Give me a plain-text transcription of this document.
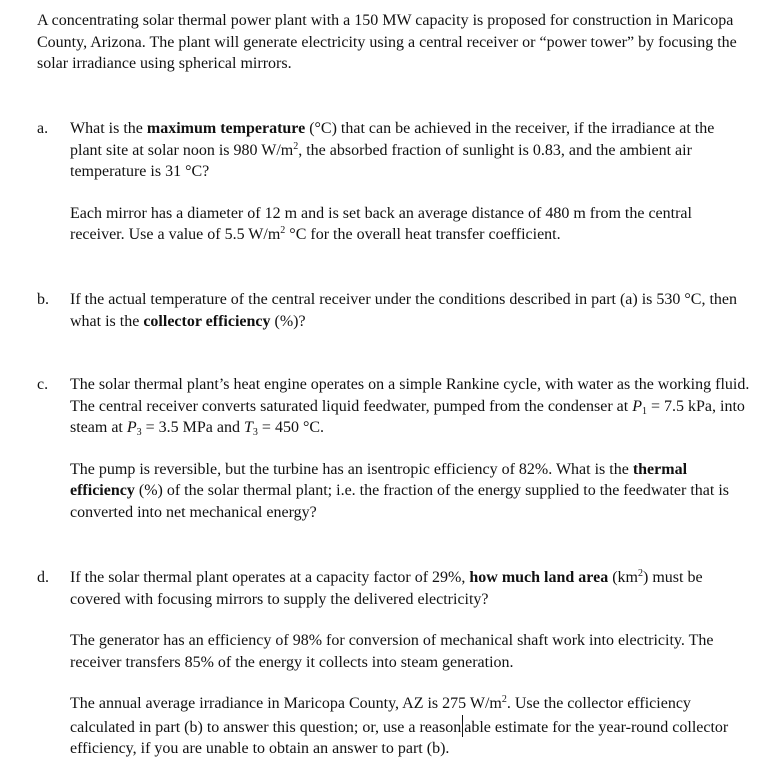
A concentrating solar thermal power plant with a 150 MW capacity is proposed for construction in Maricopa County, Arizona. The plant will generate electricity using a central receiver or “power tower” by focusing the solar irradiance using spherical mirrors.

a.	What is the maximum temperature (°C) that can be achieved in the receiver, if the irradiance at the plant site at solar noon is 980 $W/m^2$, the absorbed fraction of sunlight is 0.83, and the ambient air temperature is 31 °C?

Each mirror has a diameter of 12 m and is set back an average distance of 480 m from the central receiver. Use a value of 5.5 $W/m^2$ °C for the overall heat transfer coefficient.

b.	If the actual temperature of the central receiver under the conditions described in part (a) is 530 °C, then what is the collector efficiency (%)?

c.	The solar thermal plant’s heat engine operates on a simple Rankine cycle, with water as the working fluid. The central receiver converts saturated liquid feedwater, pumped from the condenser at $P_1 = 7.5$ kPa, into steam at $P_3 = 3.5$ MPa and $T_3 = 450$ °C.

The pump is reversible, but the turbine has an isentropic efficiency of 82%. What is the thermal efficiency (%) of the solar thermal plant; i.e. the fraction of the energy supplied to the feedwater that is converted into net mechanical energy?

d.	If the solar thermal plant operates at a capacity factor of 29%, how much land area $(km^2)$ must be covered with focusing mirrors to supply the delivered electricity?

The generator has an efficiency of 98% for conversion of mechanical shaft work into electricity. The receiver transfers 85% of the energy it collects into steam generation.

The annual average irradiance in Maricopa County, AZ is 275 $W/m^2$. Use the collector efficiency calculated in part (b) to answer this question; or, use a reason able estimate for the year-round collector efficiency, if you are unable to obtain an answer to part (b).
